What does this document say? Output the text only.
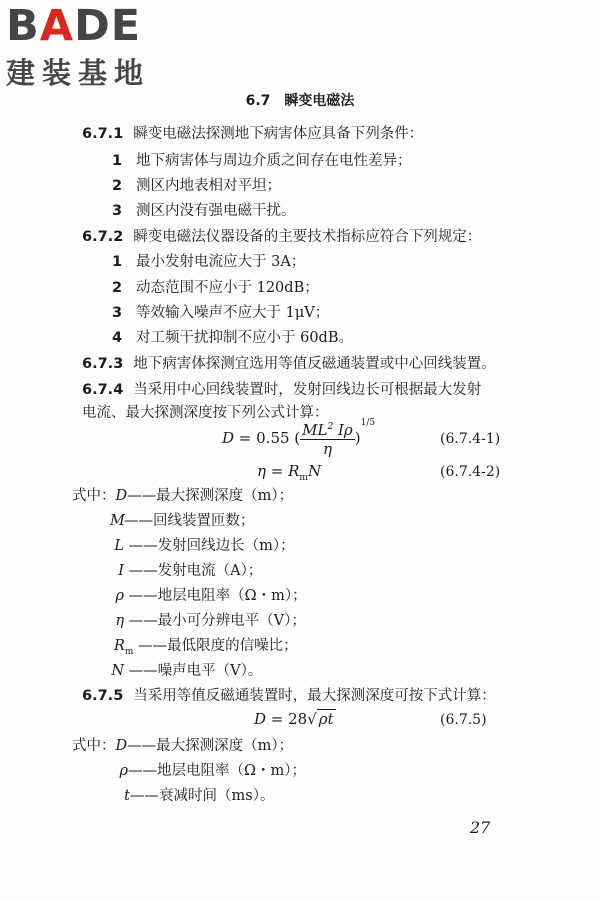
BADE
建装基地
6.7 瞬变电磁法
6.7.1 瞬变电磁法探测地下病害体应具备下列条件：
1 地下病害体与周边介质之间存在电性差异；
2 测区内地表相对平坦；
3 测区内没有强电磁干扰。
6.7.2 瞬变电磁法仪器设备的主要技术指标应符合下列规定：
1 最小发射电流应大于 3A；
2 动态范围不应小于 120dB；
3 等效输入噪声不应大于 1μV；
4 对工频干扰抑制不应小于 60dB。
6.7.3 地下病害体探测宜选用等值反磁通装置或中心回线装置。
6.7.4 当采用中心回线装置时，发射回线边长可根据最大发射
电流、最大探测深度按下列公式计算：
D = 0.55 ( $\frac{ML^2 I\rho}{\eta} )^{1/5}$
(6.7.4-1)
$\eta = R_mN$	(6.7.4-2)
式中：D——最大探测深度（m）；
M——回线装置匝数；
L ——发射回线边长（m）；
I ——发射电流（A）；
ρ ——地层电阻率（Ω・m）；
η ——最小可分辨电平（V）；
$R_m$ ——最低限度的信噪比；
N ——噪声电平（V）。
6.7.5 当采用等值反磁通装置时，最大探测深度可按下式计算：
D = 28√ ρt	(6.7.5)
式中：D——最大探测深度（m）；
ρ——地层电阻率（Ω・m）；
t——衰减时间（ms）。
27
